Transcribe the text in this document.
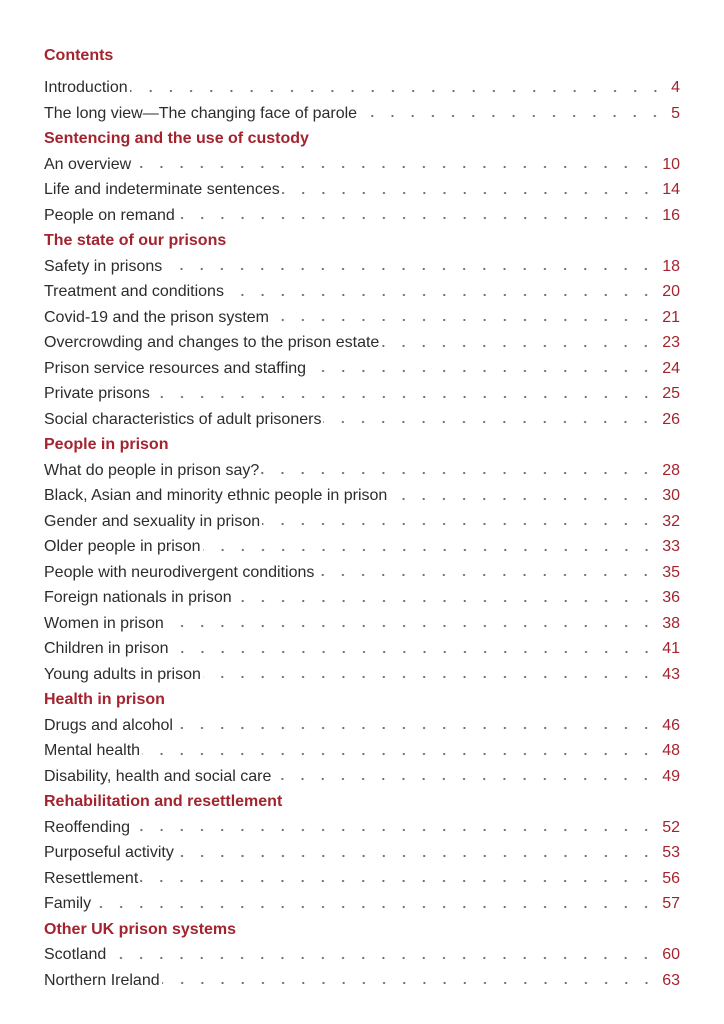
Contents
Introduction	4
The long view—The changing face of parole	5
Sentencing and the use of custody
An overview	10
Life and indeterminate sentences	14
People on remand	16
The state of our prisons
Safety in prisons	18
Treatment and conditions	20
Covid-19 and the prison system	21
Overcrowding and changes to the prison estate	23
Prison service resources and staffing	24
Private prisons	25
Social characteristics of adult prisoners	26
People in prison
What do people in prison say?	28
Black, Asian and minority ethnic people in prison	30
Gender and sexuality in prison	32
Older people in prison	33
People with neurodivergent conditions	35
Foreign nationals in prison	36
Women in prison	38
Children in prison	41
Young adults in prison	43
Health in prison
Drugs and alcohol	46
Mental health	48
Disability, health and social care	49
Rehabilitation and resettlement
Reoffending	52
Purposeful activity	53
Resettlement	56
Family	57
Other UK prison systems
Scotland	60
Northern Ireland	63
